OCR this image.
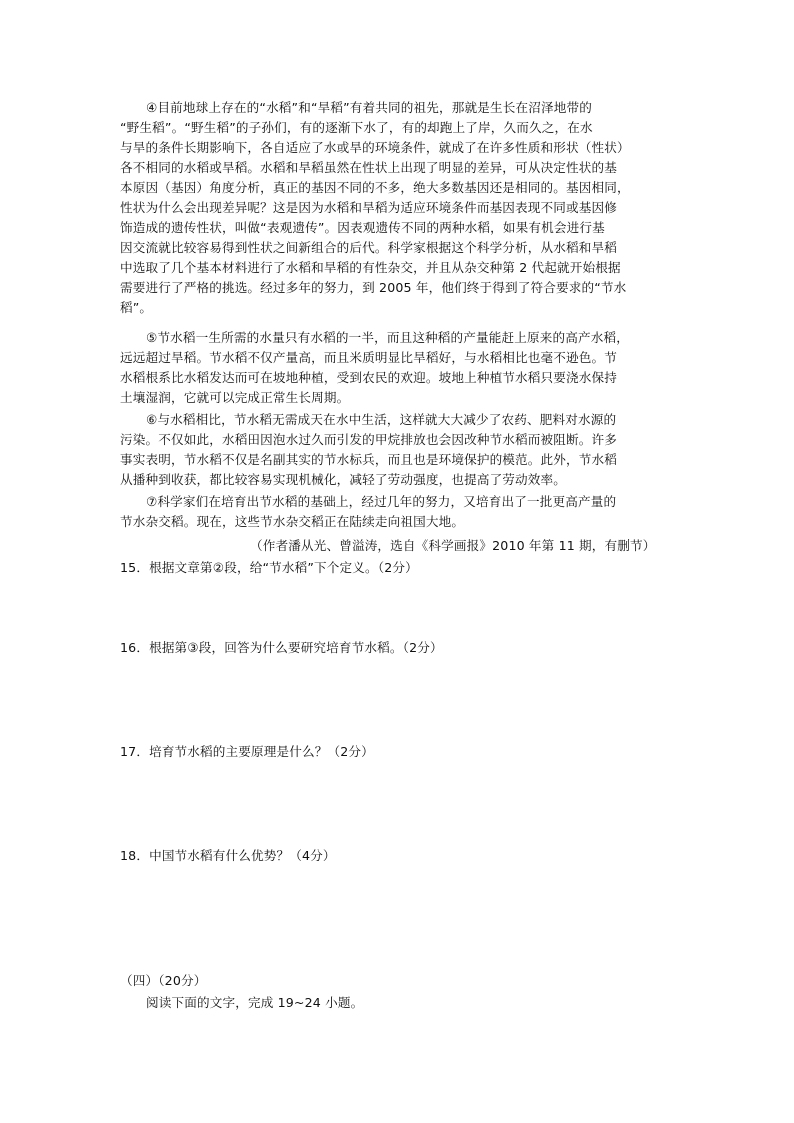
④目前地球上存在的“水稻”和“旱稻”有着共同的祖先，那就是生长在沼泽地带的
“野生稻”。“野生稻”的子孙们，有的逐渐下水了，有的却跑上了岸，久而久之，在水
与旱的条件长期影响下，各自适应了水或旱的环境条件，就成了在许多性质和形状（性状）
各不相同的水稻或旱稻。水稻和旱稻虽然在性状上出现了明显的差异，可从决定性状的基
本原因（基因）角度分析，真正的基因不同的不多，绝大多数基因还是相同的。基因相同，
性状为什么会出现差异呢？这是因为水稻和旱稻为适应环境条件而基因表现不同或基因修
饰造成的遗传性状，叫做“表观遗传”。因表观遗传不同的两种水稻，如果有机会进行基
因交流就比较容易得到性状之间新组合的后代。科学家根据这个科学分析，从水稻和旱稻
中选取了几个基本材料进行了水稻和旱稻的有性杂交，并且从杂交种第 2 代起就开始根据
需要进行了严格的挑选。经过多年的努力，到 2005 年，他们终于得到了符合要求的“节水
稻”。
⑤节水稻一生所需的水量只有水稻的一半，而且这种稻的产量能赶上原来的高产水稻，
远远超过旱稻。节水稻不仅产量高，而且米质明显比旱稻好，与水稻相比也毫不逊色。节
水稻根系比水稻发达而可在坡地种植，受到农民的欢迎。坡地上种植节水稻只要浇水保持
土壤湿润，它就可以完成正常生长周期。
⑥与水稻相比，节水稻无需成天在水中生活，这样就大大减少了农药、肥料对水源的
污染。不仅如此，水稻田因泡水过久而引发的甲烷排放也会因改种节水稻而被阻断。许多
事实表明，节水稻不仅是名副其实的节水标兵，而且也是环境保护的模范。此外，节水稻
从播种到收获，都比较容易实现机械化，减轻了劳动强度，也提高了劳动效率。
⑦科学家们在培育出节水稻的基础上，经过几年的努力，又培育出了一批更高产量的
节水杂交稻。现在，这些节水杂交稻正在陆续走向祖国大地。
（作者潘从光、曾溢涛，选自《科学画报》2010 年第 11 期，有删节）
15．根据文章第②段，给“节水稻”下个定义。（2分）
16．根据第③段，回答为什么要研究培育节水稻。（2分）
17．培育节水稻的主要原理是什么？（2分）
18．中国节水稻有什么优势？（4分）
（四）（20分）
阅读下面的文字，完成 19~24 小题。
